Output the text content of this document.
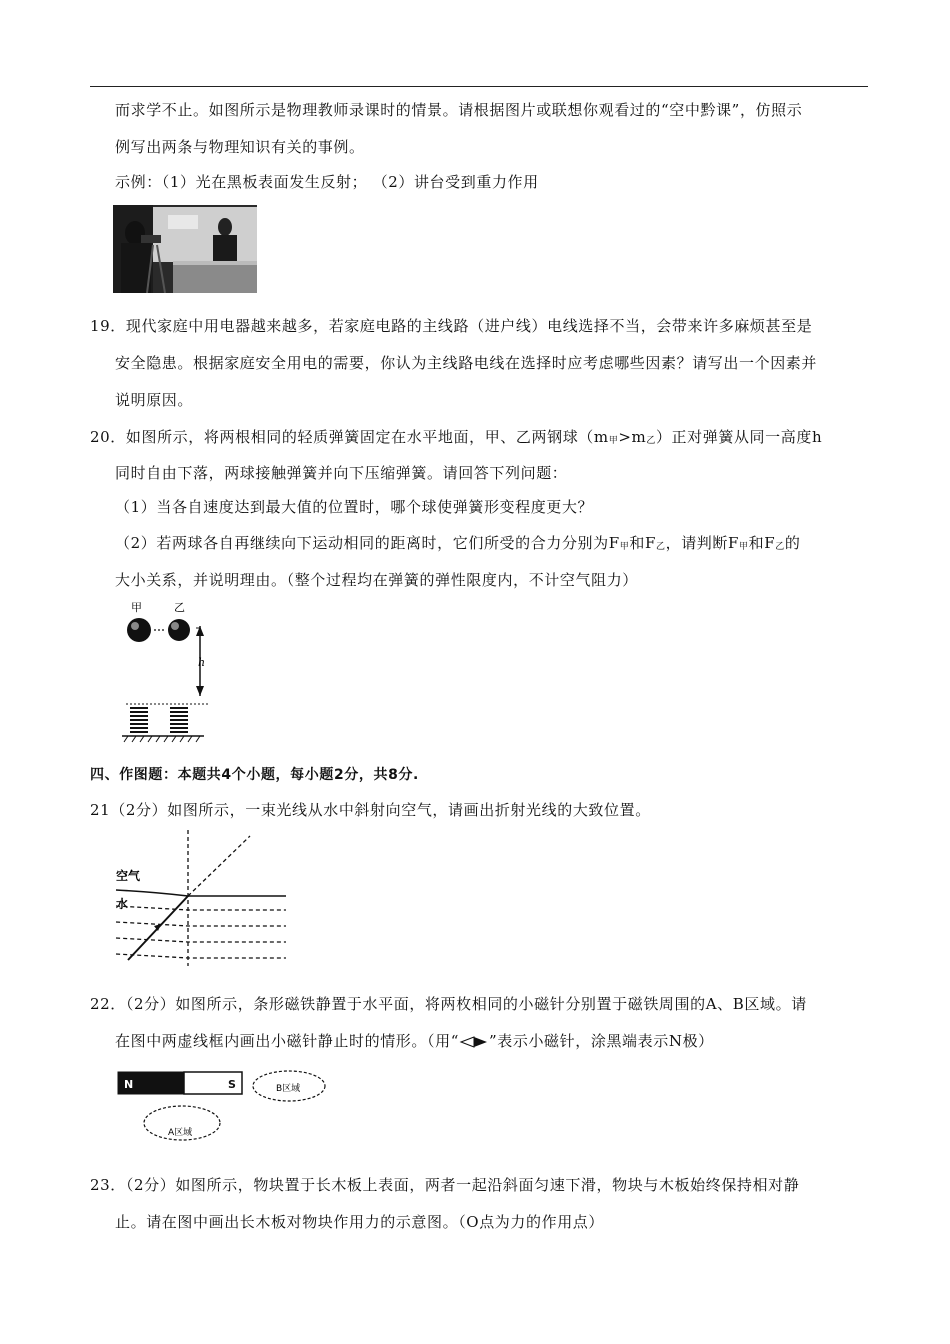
而求学不止。如图所示是物理教师录课时的情景。请根据图片或联想你观看过的“空中黔课”，仿照示
例写出两条与物理知识有关的事例。
示例：（1）光在黑板表面发生反射； （2）讲台受到重力作用
19．现代家庭中用电器越来越多，若家庭电路的主线路（进户线）电线选择不当，会带来许多麻烦甚至是
安全隐患。根据家庭安全用电的需要，你认为主线路电线在选择时应考虑哪些因素？请写出一个因素并
说明原因。
20．如图所示，将两根相同的轻质弹簧固定在水平地面，甲、乙两钢球（m甲>m乙）正对弹簧从同一高度h
同时自由下落，两球接触弹簧并向下压缩弹簧。请回答下列问题：
（1）当各自速度达到最大值的位置时，哪个球使弹簧形变程度更大？
（2）若两球各自再继续向下运动相同的距离时，它们所受的合力分别为F甲和F乙，请判断F甲和F乙的
大小关系，并说明理由。（整个过程均在弹簧的弹性限度内，不计空气阻力）
甲	乙
h
四、作图题：本题共4个小题，每小题2分，共8分.
21（2分）如图所示，一束光线从水中斜射向空气，请画出折射光线的大致位置。
空气
水
22．（2分）如图所示，条形磁铁静置于水平面，将两枚相同的小磁针分别置于磁铁周围的A、B区域。请
在图中两虚线框内画出小磁针静止时的情形。（用“ ”表示小磁针，涂黑端表示N极）
N	S	B区域
A区域
23．（2分）如图所示，物块置于长木板上表面，两者一起沿斜面匀速下滑，物块与木板始终保持相对静
止。请在图中画出长木板对物块作用力的示意图。（O点为力的作用点）
